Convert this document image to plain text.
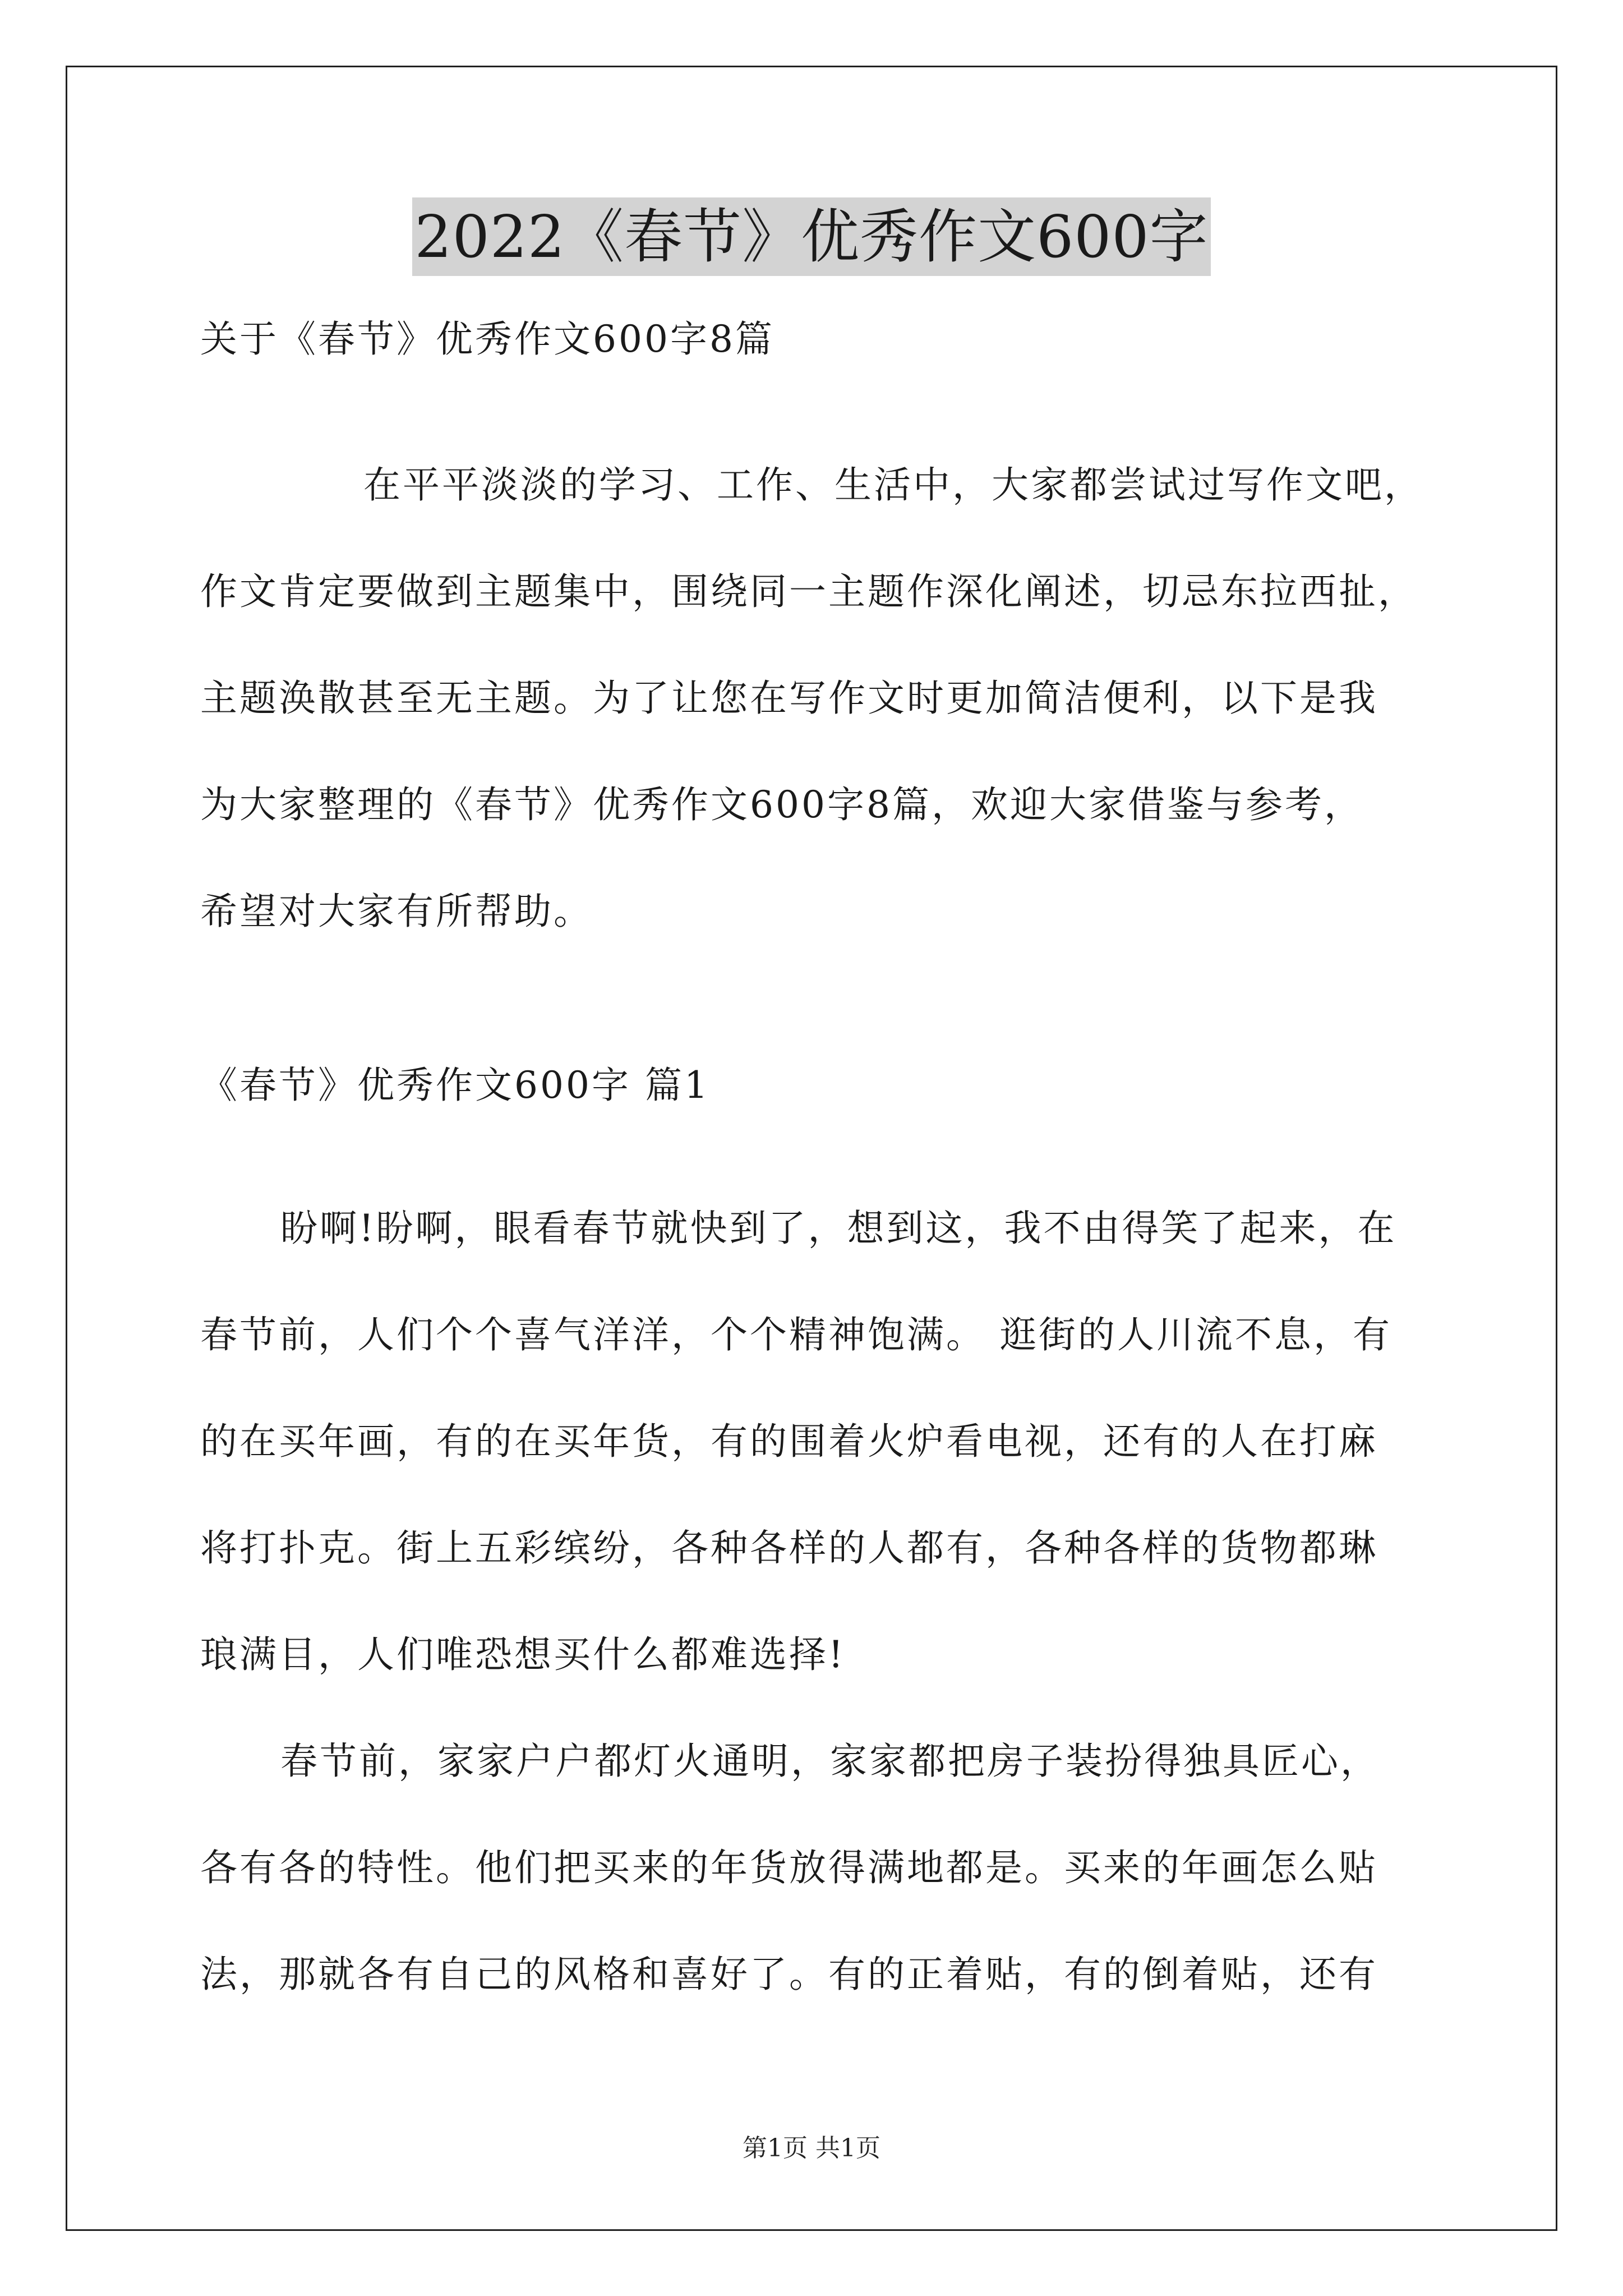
2022《春节》优秀作文600字
关于《春节》优秀作文600字8篇
在平平淡淡的学习、工作、生活中，大家都尝试过写作文吧，
作文肯定要做到主题集中，围绕同一主题作深化阐述，切忌东拉西扯，
主题涣散甚至无主题。为了让您在写作文时更加简洁便利，以下是我
为大家整理的《春节》优秀作文600字8篇，欢迎大家借鉴与参考，
希望对大家有所帮助。
《春节》优秀作文600字 篇1
盼啊!盼啊，眼看春节就快到了，想到这，我不由得笑了起来，在
春节前，人们个个喜气洋洋，个个精神饱满。 逛街的人川流不息，有
的在买年画，有的在买年货，有的围着火炉看电视，还有的人在打麻
将打扑克。街上五彩缤纷，各种各样的人都有，各种各样的货物都琳
琅满目，人们唯恐想买什么都难选择!
春节前，家家户户都灯火通明，家家都把房子装扮得独具匠心，
各有各的特性。他们把买来的年货放得满地都是。买来的年画怎么贴
法，那就各有自己的风格和喜好了。有的正着贴，有的倒着贴，还有
第1页 共1页
